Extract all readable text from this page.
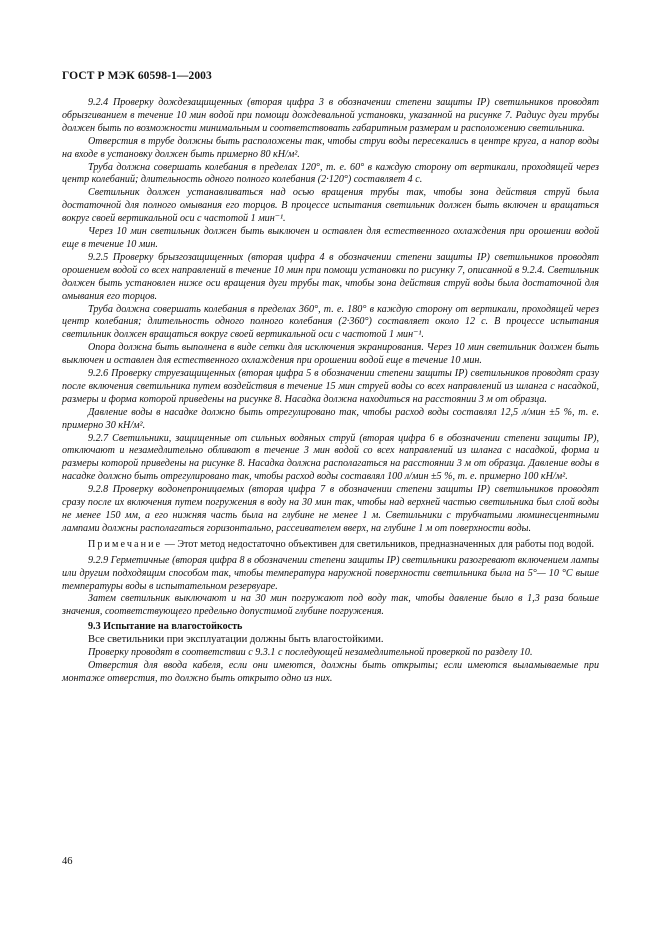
ГОСТ Р МЭК 60598-1—2003

9.2.4 Проверку дождезащищенных (вторая цифра 3 в обозначении степени защиты IP) светильников проводят обрызгиванием в течение 10 мин водой при помощи дождевальной установки, указанной на рисунке 7. Радиус дуги трубы должен быть по возможности минимальным и соответствовать габаритным размерам и расположению светильника.

Отверстия в трубе должны быть расположены так, чтобы струи воды пересекались в центре круга, а напор воды на входе в установку должен быть примерно 80 кН/м².

Труба должна совершать колебания в пределах 120°, т. е. 60° в каждую сторону от вертикали, проходящей через центр колебаний; длительность одного полного колебания (2·120°) составляет 4 с.

Светильник должен устанавливаться над осью вращения трубы так, чтобы зона действия струй была достаточной для полного омывания его торцов. В процессе испытания светильник должен быть включен и вращаться вокруг своей вертикальной оси с частотой 1 мин⁻¹.

Через 10 мин светильник должен быть выключен и оставлен для естественного охлаждения при орошении водой еще в течение 10 мин.

9.2.5 Проверку брызгозащищенных (вторая цифра 4 в обозначении степени защиты IP) светильников проводят орошением водой со всех направлений в течение 10 мин при помощи установки по рисунку 7, описанной в 9.2.4. Светильник должен быть установлен ниже оси вращения дуги трубы так, чтобы зона действия струй воды была достаточной для омывания его торцов.

Труба должна совершать колебания в пределах 360°, т. е. 180° в каждую сторону от вертикали, проходящей через центр колебания; длительность одного полного колебания (2·360°) составляет около 12 с. В процессе испытания светильник должен вращаться вокруг своей вертикальной оси с частотой 1 мин⁻¹.

Опора должна быть выполнена в виде сетки для исключения экранирования. Через 10 мин светильник должен быть выключен и оставлен для естественного охлаждения при орошении водой еще в течение 10 мин.

9.2.6 Проверку струезащищенных (вторая цифра 5 в обозначении степени защиты IP) светильников проводят сразу после включения светильника путем воздействия в течение 15 мин струей воды со всех направлений из шланга с насадкой, размеры и форма которой приведены на рисунке 8. Насадка должна находиться на расстоянии 3 м от образца.

Давление воды в насадке должно быть отрегулировано так, чтобы расход воды составлял 12,5 л/мин ±5 %, т. е. примерно 30 кН/м².

9.2.7 Светильники, защищенные от сильных водяных струй (вторая цифра 6 в обозначении степени защиты IP), отключают и незамедлительно обливают в течение 3 мин водой со всех направлений из шланга с насадкой, форма и размеры которой приведены на рисунке 8. Насадка должна располагаться на расстоянии 3 м от образца. Давление воды в насадке должно быть отрегулировано так, чтобы расход воды составлял 100 л/мин ±5 %, т. е. примерно 100 кН/м².

9.2.8 Проверку водонепроницаемых (вторая цифра 7 в обозначении степени защиты IP) светильников проводят сразу после их включения путем погружения в воду на 30 мин так, чтобы над верхней частью светильника был слой воды не менее 150 мм, а его нижняя часть была на глубине не менее 1 м. Светильники с трубчатыми люминесцентными лампами должны располагаться горизонтально, рассеивателем вверх, на глубине 1 м от поверхности воды.

Примечание — Этот метод недостаточно объективен для светильников, предназначенных для работы под водой.

9.2.9 Герметичные (вторая цифра 8 в обозначении степени защиты IP) светильники разогревают включением лампы или другим подходящим способом так, чтобы температура наружной поверхности светильника была на 5°— 10 °С выше температуры воды в испытательном резервуаре.

Затем светильник выключают и на 30 мин погружают под воду так, чтобы давление было в 1,3 раза больше значения, соответствующего предельно допустимой глубине погружения.

9.3 Испытание на влагостойкость

Все светильники при эксплуатации должны быть влагостойкими.

Проверку проводят в соответствии с 9.3.1 с последующей незамедлительной проверкой по разделу 10.

Отверстия для ввода кабеля, если они имеются, должны быть открыты; если имеются выламываемые при монтаже отверстия, то должно быть открыто одно из них.

46
